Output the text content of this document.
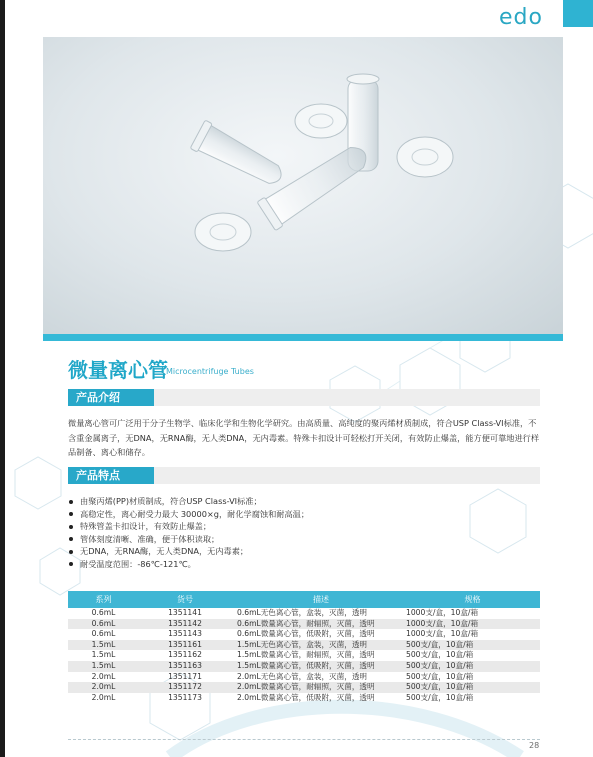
edo
微量离心管
Microcentrifuge Tubes
产品介绍
微量离心管可广泛用于分子生物学、临床化学和生物化学研究。由高质量、高纯度的聚丙烯材质制成，符合USP Class-VI标准，不含重金属离子，无DNA，无RNA酶，无人类DNA，无内毒素。特殊卡扣设计可轻松打开关闭，有效防止爆盖，能方便可靠地进行样品制备、离心和储存。
产品特点
由聚丙烯(PP)材质制成，符合USP Class-VI标准；
高稳定性，离心耐受力最大 30000×g，耐化学腐蚀和耐高温；
特殊管盖卡扣设计，有效防止爆盖；
管体刻度清晰、准确，便于体积读取；
无DNA，无RNA酶，无人类DNA，无内毒素；
耐受温度范围：-86℃-121℃。
系列	货号	描述	规格
0.6mL	1351141	0.6mL无色离心管，盒装，灭菌，透明	1000支/盒，10盒/箱
0.6mL	1351142	0.6mL微量离心管，耐辐照，灭菌，透明	1000支/盒，10盒/箱
0.6mL	1351143	0.6mL微量离心管，低吸附，灭菌，透明	1000支/盒，10盒/箱
1.5mL	1351161	1.5mL无色离心管，盒装，灭菌，透明	500支/盒，10盒/箱
1.5mL	1351162	1.5mL微量离心管，耐辐照，灭菌，透明	500支/盒，10盒/箱
1.5mL	1351163	1.5mL微量离心管，低吸附，灭菌，透明	500支/盒，10盒/箱
2.0mL	1351171	2.0mL无色离心管，盒装，灭菌，透明	500支/盒，10盒/箱
2.0mL	1351172	2.0mL微量离心管，耐辐照，灭菌，透明	500支/盒，10盒/箱
2.0mL	1351173	2.0mL微量离心管，低吸附，灭菌，透明	500支/盒，10盒/箱
28
